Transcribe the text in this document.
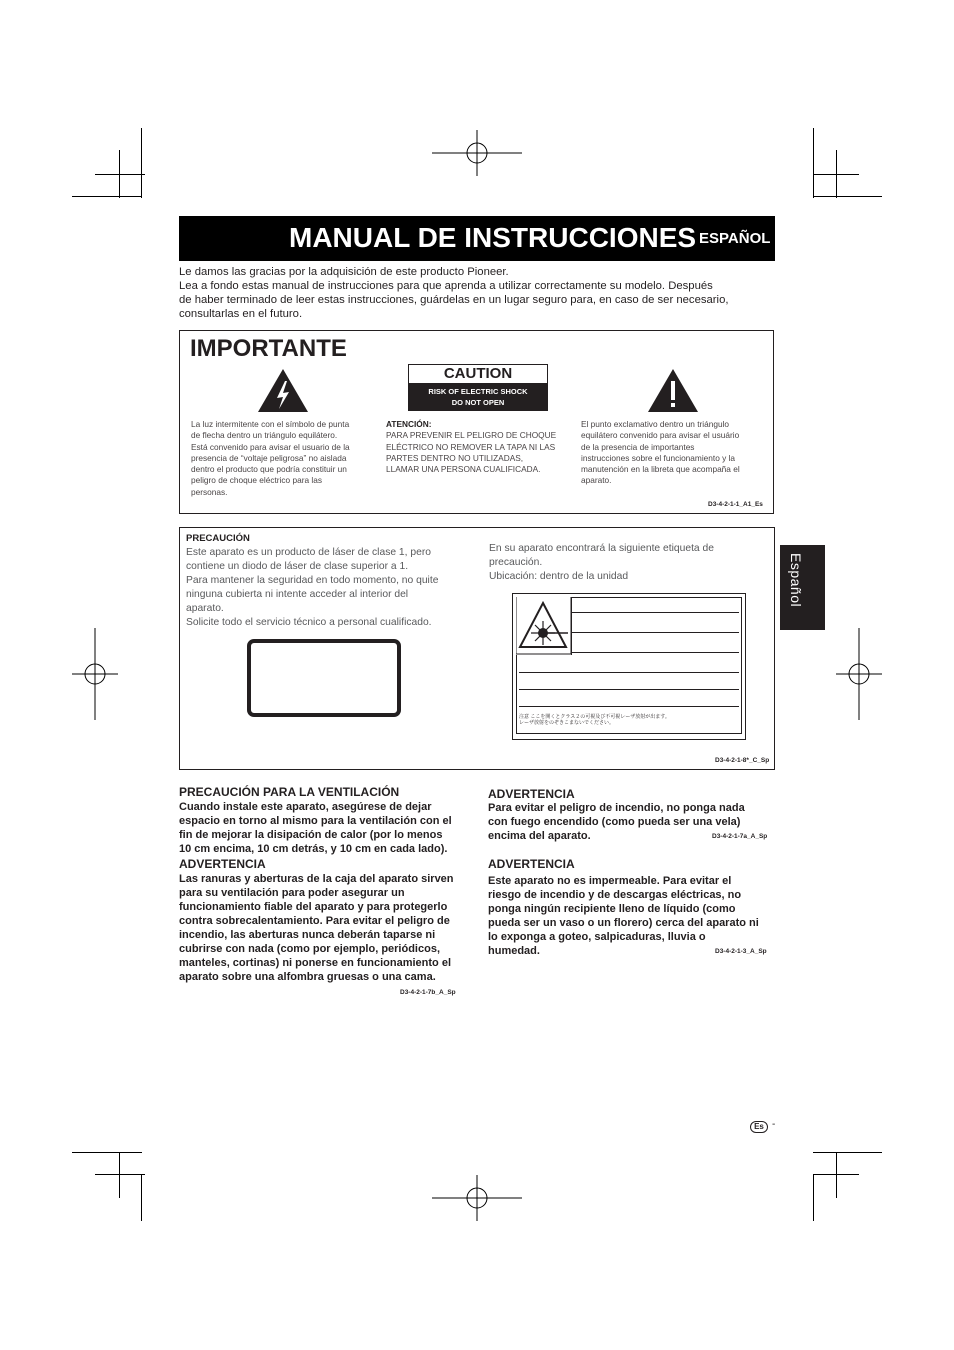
MANUAL DE INSTRUCCIONES ESPAÑOL
Le damos las gracias por la adquisición de este producto Pioneer.
Lea a fondo estas manual de instrucciones para que aprenda a utilizar correctamente su modelo. Después
de haber terminado de leer estas instrucciones, guárdelas en un lugar seguro para, en caso de ser necesario,
consultarlas en el futuro.
IMPORTANTE
La luz intermitente con el símbolo de punta
de flecha dentro un triángulo equilátero.
Está convenido para avisar el usuario de la
presencia de “voltaje peligrosa” no aislada
dentro el producto que podría constituir un
peligro de choque eléctrico para las
personas.
CAUTION
RISK OF ELECTRIC SHOCK
DO NOT OPEN
ATENCIÓN:
PARA PREVENIR EL PELIGRO DE CHOQUE
ELÉCTRICO NO REMOVER LA TAPA NI LAS
PARTES DENTRO NO UTILIZADAS,
LLAMAR UNA PERSONA CUALIFICADA.
El punto exclamativo dentro un triángulo
equilátero convenido para avisar el usuário
de la presencia de importantes
instrucciones sobre el funcionamiento y la
manutención en la libreta que acompaña el
aparato.
D3-4-2-1-1_A1_Es
PRECAUCIÓN
Este aparato es un producto de láser de clase 1, pero
contiene un diodo de láser de clase superior a 1.
Para mantener la seguridad en todo momento, no quite
ninguna cubierta ni intente acceder al interior del
aparato.
Solicite todo el servicio técnico a personal cualificado.
En su aparato encontrará la siguiente etiqueta de
precaución.
Ubicación: dentro de la unidad
注意 ここを開くとクラス２の可視及び不可視レーザ放射が出ます。
レーザ放射をのぞきこまないでください。
D3-4-2-1-8*_C_Sp
Español
PRECAUCIÓN PARA LA VENTILACIÓN
Cuando instale este aparato, asegúrese de dejar
espacio en torno al mismo para la ventilación con el
fin de mejorar la disipación de calor (por lo menos
10 cm encima, 10 cm detrás, y 10 cm en cada lado).
ADVERTENCIA
Las ranuras y aberturas de la caja del aparato sirven
para su ventilación para poder asegurar un
funcionamiento fiable del aparato y para protegerlo
contra sobrecalentamiento. Para evitar el peligro de
incendio, las aberturas nunca deberán taparse ni
cubrirse con nada (como por ejemplo, periódicos,
manteles, cortinas) ni ponerse en funcionamiento el
aparato sobre una alfombra gruesas o una cama.
D3-4-2-1-7b_A_Sp
ADVERTENCIA
Para evitar el peligro de incendio, no ponga nada
con fuego encendido (como pueda ser una vela)
encima del aparato.	D3-4-2-1-7a_A_Sp
ADVERTENCIA
Este aparato no es impermeable. Para evitar el
riesgo de incendio y de descargas eléctricas, no
ponga ningún recipiente lleno de líquido (como
pueda ser un vaso o un florero) cerca del aparato ni
lo exponga a goteo, salpicaduras, lluvia o
humedad.	D3-4-2-1-3_A_Sp
Es -
